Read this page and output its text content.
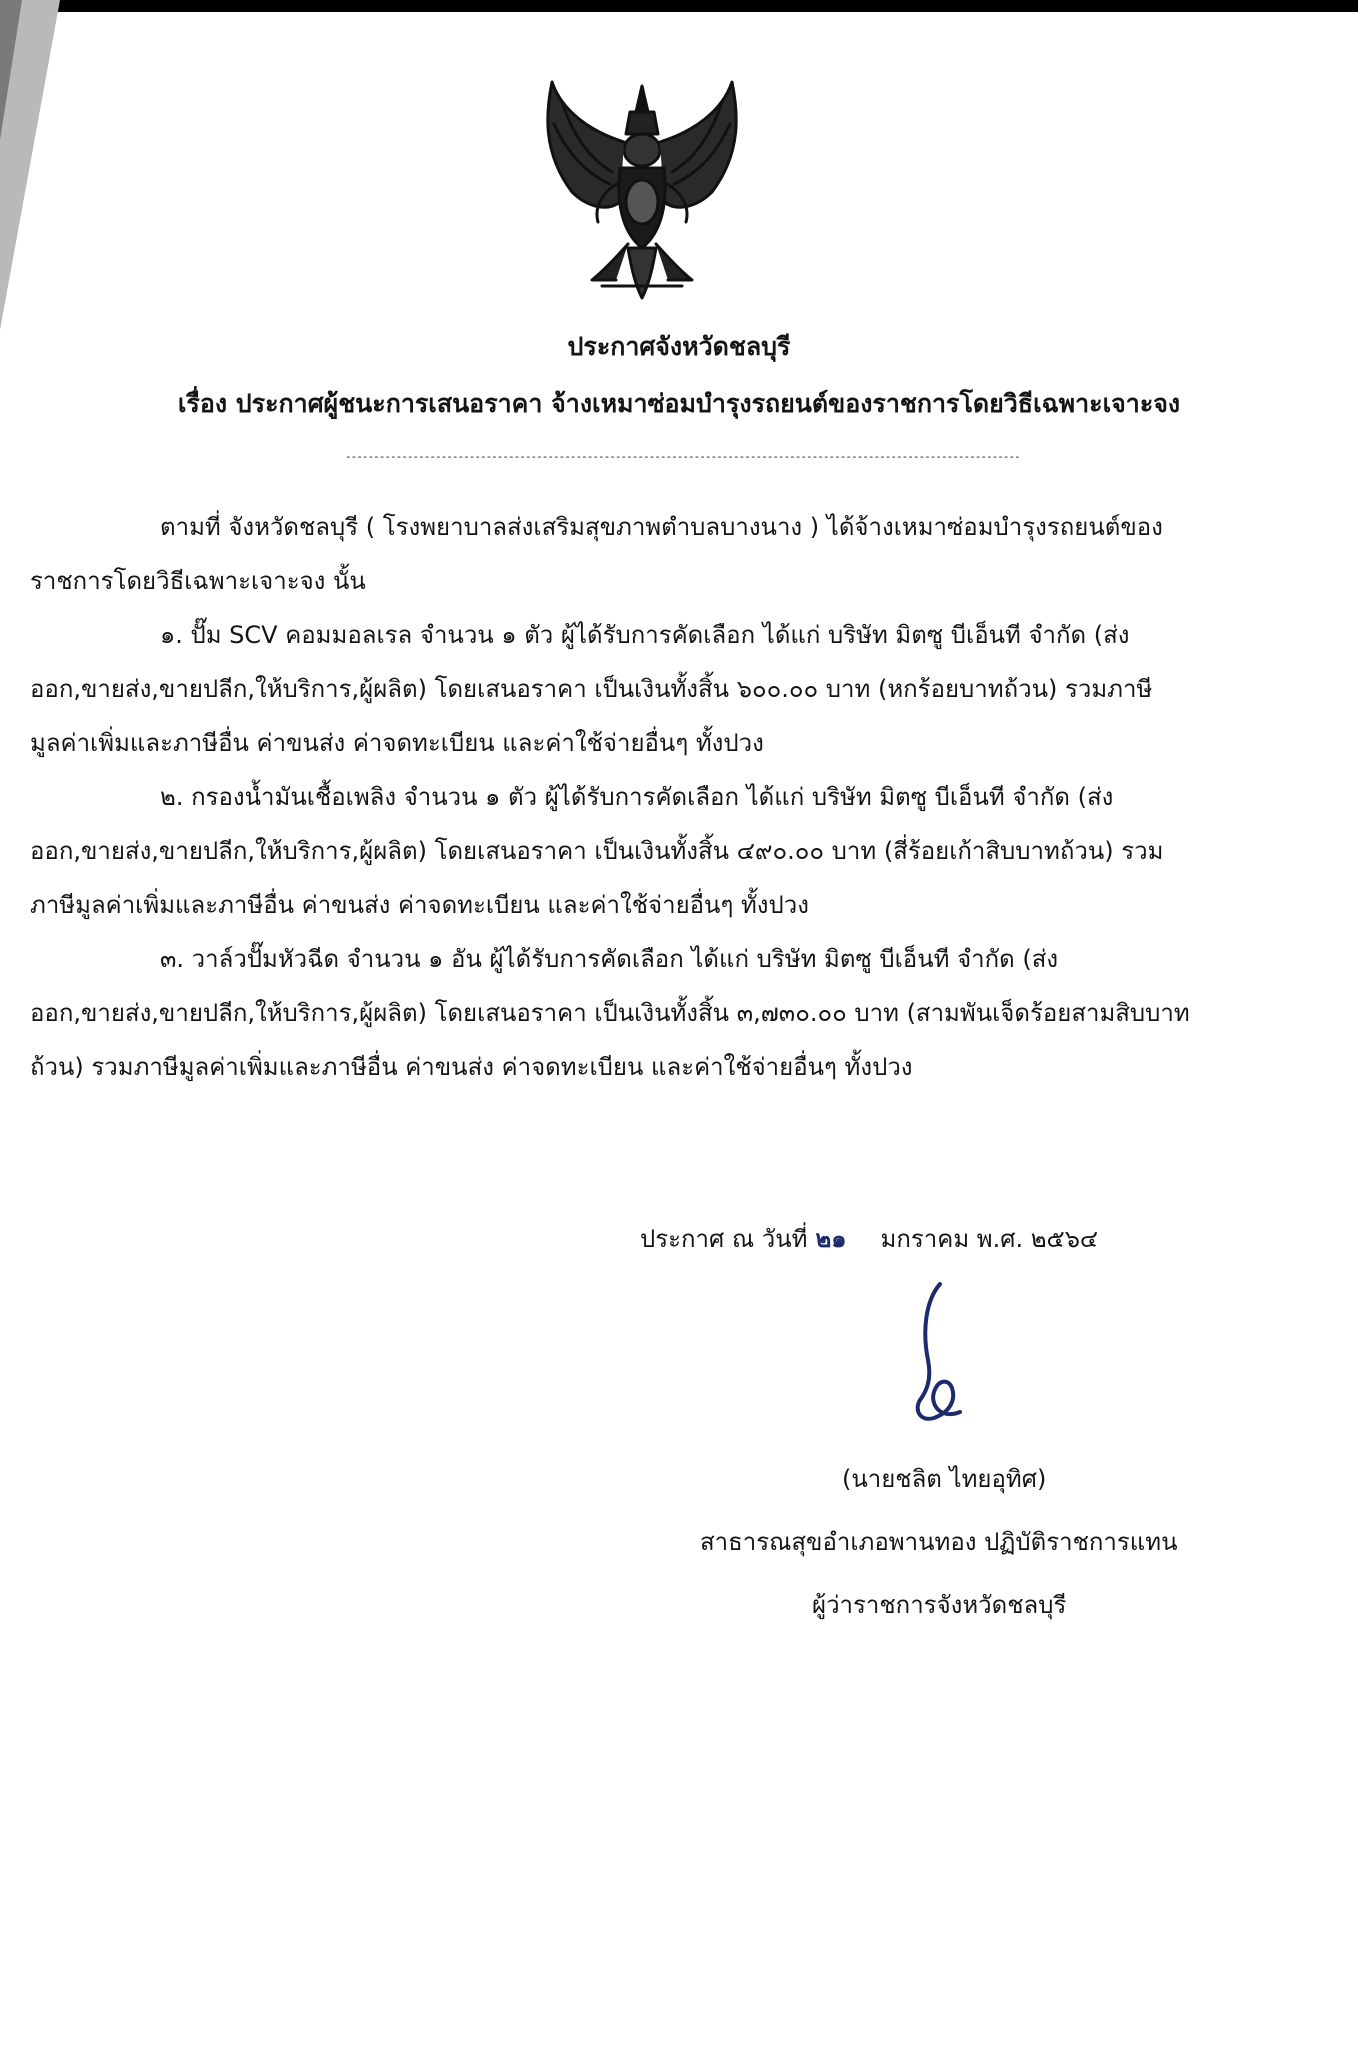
ประกาศจังหวัดชลบุรี
เรื่อง ประกาศผู้ชนะการเสนอราคา จ้างเหมาซ่อมบำรุงรถยนต์ของราชการโดยวิธีเฉพาะเจาะจง
------------------------------------------------------------------------------------------------------------------------

ตามที่ จังหวัดชลบุรี ( โรงพยาบาลส่งเสริมสุขภาพตำบลบางนาง ) ได้จ้างเหมาซ่อมบำรุงรถยนต์ของ
ราชการโดยวิธีเฉพาะเจาะจง นั้น

๑. ปั๊ม SCV คอมมอลเรล จำนวน ๑ ตัว ผู้ได้รับการคัดเลือก ได้แก่ บริษัท มิตซู บีเอ็นที จำกัด (ส่ง
ออก,ขายส่ง,ขายปลีก,ให้บริการ,ผู้ผลิต) โดยเสนอราคา เป็นเงินทั้งสิ้น ๖๐๐.๐๐ บาท (หกร้อยบาทถ้วน) รวมภาษี
มูลค่าเพิ่มและภาษีอื่น ค่าขนส่ง ค่าจดทะเบียน และค่าใช้จ่ายอื่นๆ ทั้งปวง

๒. กรองน้ำมันเชื้อเพลิง จำนวน ๑ ตัว ผู้ได้รับการคัดเลือก ได้แก่ บริษัท มิตซู บีเอ็นที จำกัด (ส่ง
ออก,ขายส่ง,ขายปลีก,ให้บริการ,ผู้ผลิต) โดยเสนอราคา เป็นเงินทั้งสิ้น ๔๙๐.๐๐ บาท (สี่ร้อยเก้าสิบบาทถ้วน) รวม
ภาษีมูลค่าเพิ่มและภาษีอื่น ค่าขนส่ง ค่าจดทะเบียน และค่าใช้จ่ายอื่นๆ ทั้งปวง

๓. วาล์วปั๊มหัวฉีด จำนวน ๑ อัน ผู้ได้รับการคัดเลือก ได้แก่ บริษัท มิตซู บีเอ็นที จำกัด (ส่ง
ออก,ขายส่ง,ขายปลีก,ให้บริการ,ผู้ผลิต) โดยเสนอราคา เป็นเงินทั้งสิ้น ๓,๗๓๐.๐๐ บาท (สามพันเจ็ดร้อยสามสิบบาท
ถ้วน) รวมภาษีมูลค่าเพิ่มและภาษีอื่น ค่าขนส่ง ค่าจดทะเบียน และค่าใช้จ่ายอื่นๆ ทั้งปวง

ประกาศ ณ วันที่ ๒๑ มกราคม พ.ศ. ๒๕๖๔
(นายชลิต ไทยอุทิศ)
สาธารณสุขอำเภอพานทอง ปฏิบัติราชการแทน
ผู้ว่าราชการจังหวัดชลบุรี
